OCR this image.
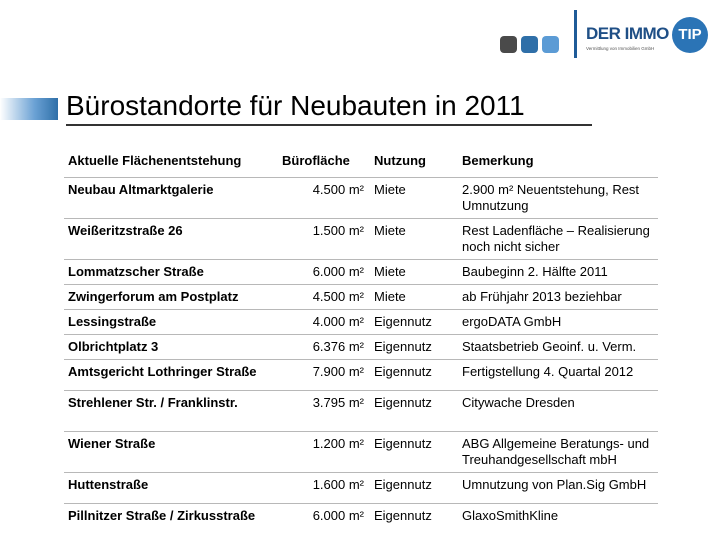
DER IMMO
Vermittlung von Immobilien GmbH
TIP
Bürostandorte für Neubauten in 2011
Aktuelle Flächenentstehung	Bürofläche	Nutzung	Bemerkung
Neubau Altmarktgalerie	4.500 m²	Miete	2.900 m² Neuentstehung, Rest Umnutzung
Weißeritzstraße 26	1.500 m²	Miete	Rest Ladenfläche – Realisierung noch nicht sicher
Lommatzscher Straße	6.000 m²	Miete	Baubeginn 2. Hälfte 2011
Zwingerforum am Postplatz	4.500 m²	Miete	ab Frühjahr 2013 beziehbar
Lessingstraße	4.000 m²	Eigennutz	ergoDATA GmbH
Olbrichtplatz 3	6.376 m²	Eigennutz	Staatsbetrieb Geoinf. u. Verm.
Amtsgericht Lothringer Straße	7.900 m²	Eigennutz	Fertigstellung 4. Quartal 2012
Strehlener Str. / Franklinstr.	3.795 m²	Eigennutz	Citywache Dresden
Wiener Straße	1.200 m²	Eigennutz	ABG Allgemeine Beratungs- und Treuhandgesellschaft mbH
Huttenstraße	1.600 m²	Eigennutz	Umnutzung von Plan.Sig GmbH
Pillnitzer Straße / Zirkusstraße	6.000 m²	Eigennutz	GlaxoSmithKline
